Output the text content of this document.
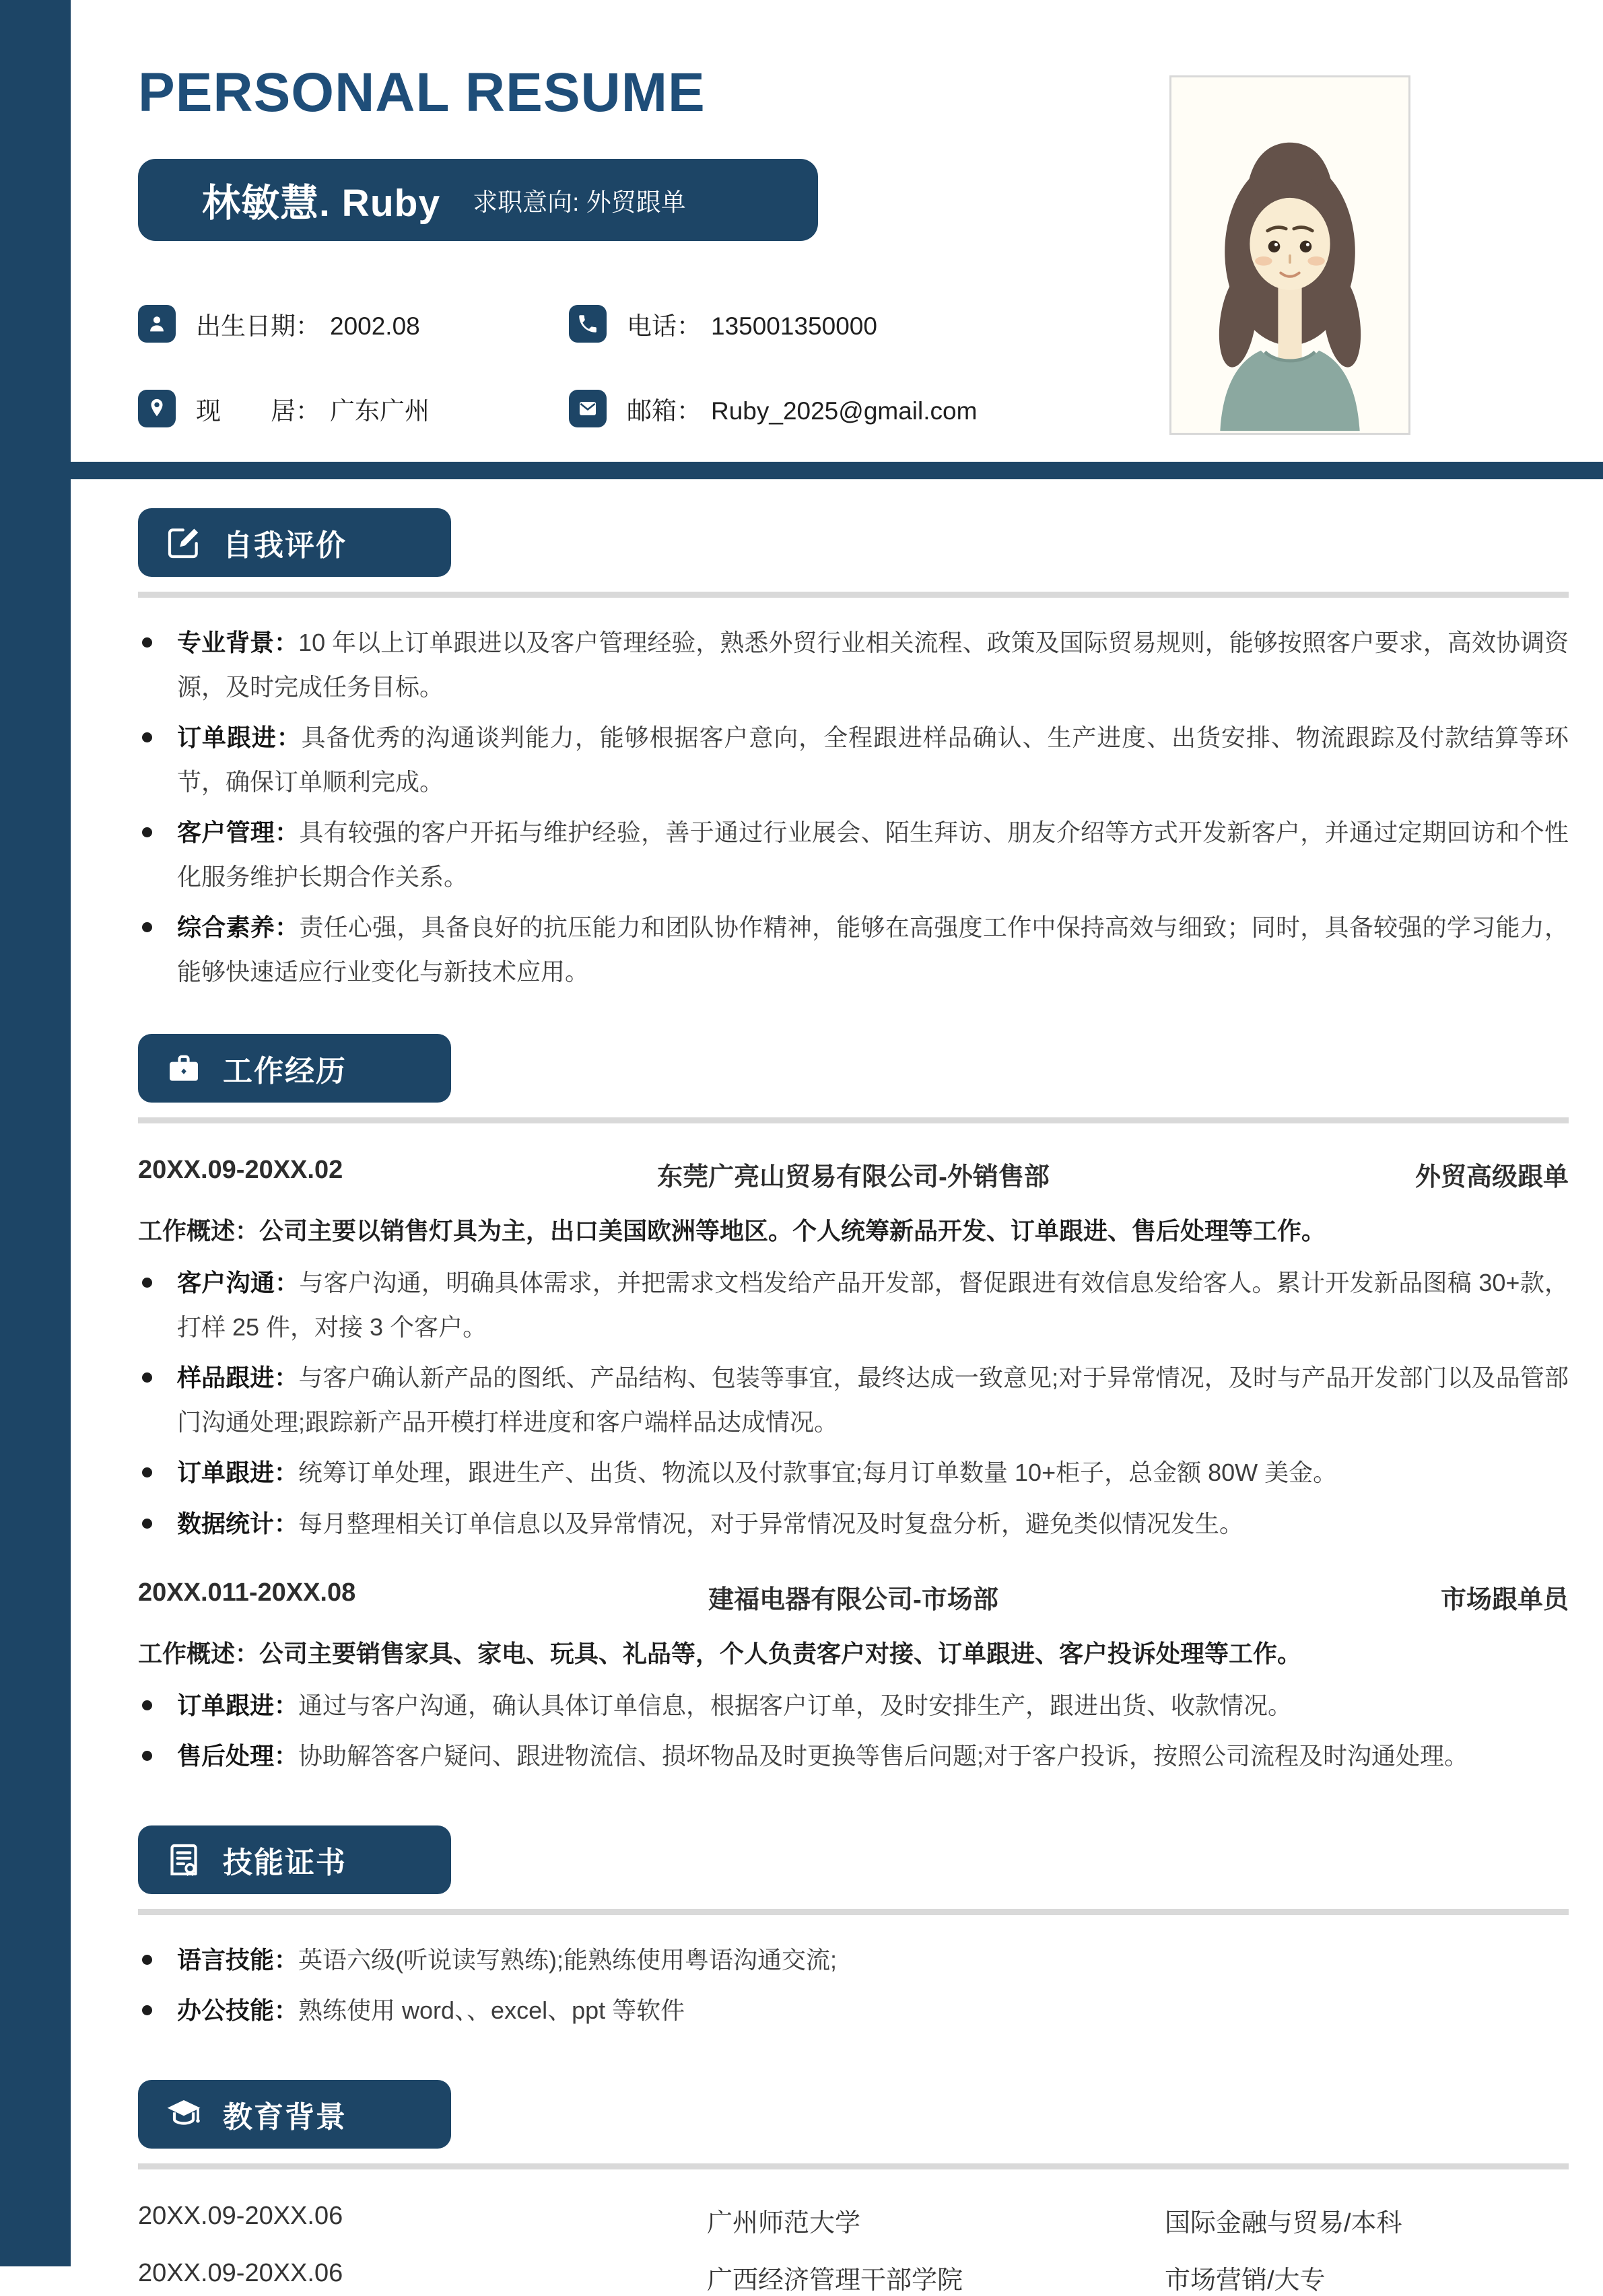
PERSONAL RESUME
林敏慧. Ruby 求职意向: 外贸跟单
出生日期： 2002.08	电话： 135001350000
现　　居： 广东广州	邮箱： Ruby_2025@gmail.com
自我评价
专业背景：10 年以上订单跟进以及客户管理经验，熟悉外贸行业相关流程、政策及国际贸易规则，能够按照客户要求，高效协调资源，及时完成任务目标。
订单跟进：具备优秀的沟通谈判能力，能够根据客户意向，全程跟进样品确认、生产进度、出货安排、物流跟踪及付款结算等环节，确保订单顺利完成。
客户管理：具有较强的客户开拓与维护经验，善于通过行业展会、陌生拜访、朋友介绍等方式开发新客户，并通过定期回访和个性化服务维护长期合作关系。
综合素养：责任心强，具备良好的抗压能力和团队协作精神，能够在高强度工作中保持高效与细致；同时，具备较强的学习能力，能够快速适应行业变化与新技术应用。
工作经历
20XX.09-20XX.02	东莞广亮山贸易有限公司-外销售部	外贸高级跟单
工作概述：公司主要以销售灯具为主，出口美国欧洲等地区。个人统筹新品开发、订单跟进、售后处理等工作。
客户沟通：与客户沟通，明确具体需求，并把需求文档发给产品开发部，督促跟进有效信息发给客人。累计开发新品图稿 30+款，打样 25 件，对接 3 个客户。
样品跟进：与客户确认新产品的图纸、产品结构、包装等事宜，最终达成一致意见;对于异常情况，及时与产品开发部门以及品管部门沟通处理;跟踪新产品开模打样进度和客户端样品达成情况。
订单跟进：统筹订单处理，跟进生产、出货、物流以及付款事宜;每月订单数量 10+柜子，总金额 80W 美金。
数据统计：每月整理相关订单信息以及异常情况，对于异常情况及时复盘分析，避免类似情况发生。
20XX.011-20XX.08	建福电器有限公司-市场部	市场跟单员
工作概述：公司主要销售家具、家电、玩具、礼品等，个人负责客户对接、订单跟进、客户投诉处理等工作。
订单跟进：通过与客户沟通，确认具体订单信息，根据客户订单，及时安排生产，跟进出货、收款情况。
售后处理：协助解答客户疑问、跟进物流信、损坏物品及时更换等售后问题;对于客户投诉，按照公司流程及时沟通处理。
技能证书
语言技能：英语六级(听说读写熟练);能熟练使用粤语沟通交流;
办公技能：熟练使用 word、、excel、ppt 等软件
教育背景
20XX.09-20XX.06	广州师范大学	国际金融与贸易/本科
20XX.09-20XX.06	广西经济管理干部学院	市场营销/大专
